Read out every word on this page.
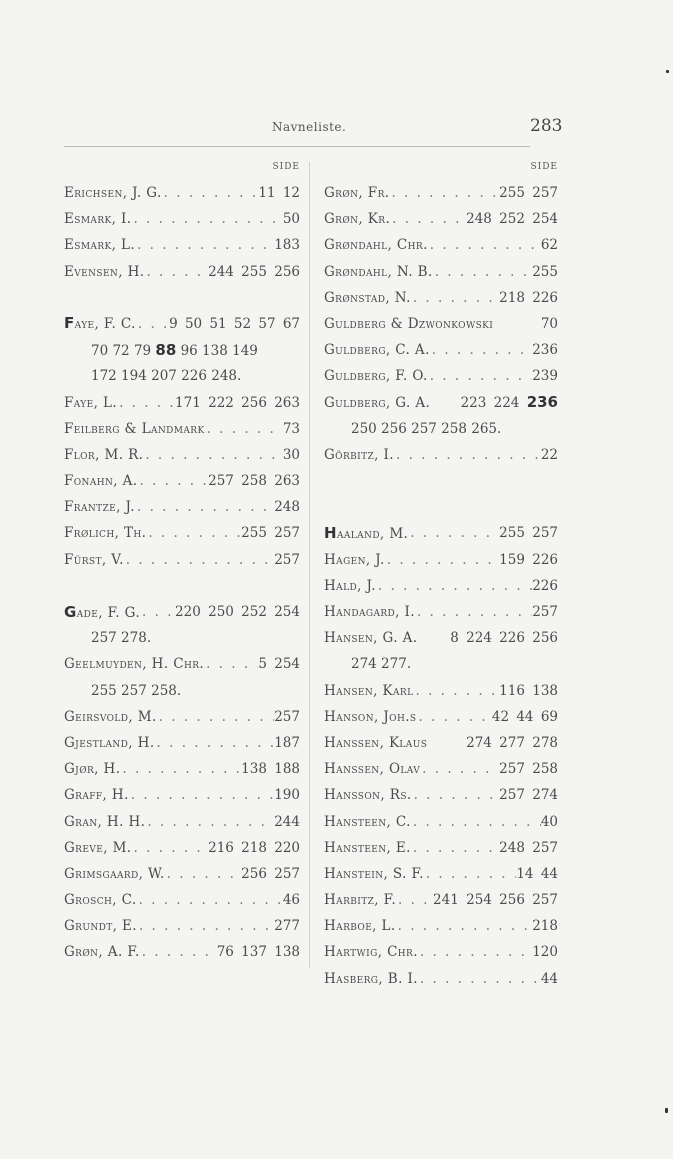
Navneliste.	283
SIDE
Erichsen, J. G. . . .	11 12
Esmark, I. . . .	50
Esmark, L. . . .	183
Evensen, H. . . .	244 255 256
Faye, F. C. . . . 9 50 51 52 57 67
70 72 79 88 96 138 149
172 194 207 226 248.
Faye, L. . . .	171 222 256 263
Feilberg & Landmark . . .	73
Flor, M. R. . . .	30
Fonahn, A. . . .	257 258 263
Frantze, J. . . .	248
Frølich, Th. . . .	255 257
Fürst, V. . . .	257
Gade, F. G. . . .	220 250 252 254
257 278.
Geelmuyden, H. Chr. . . .	5 254
255 257 258.
Geirsvold, M. . . .	257
Gjestland, H. . . .	187
Gjør, H. . . .	138 188
Graff, H. . . .	190
Gran, H. H. . . .	244
Greve, M. . . .	216 218 220
Grimsgaard, W. . . .	256 257
Grosch, C. . . .	46
Grundt, E. . . .	277
Grøn, A. F. . . .	76 137 138
SIDE
Grøn, Fr. . . .	255 257
Grøn, Kr. . . .	248 252 254
Grøndahl, Chr. . . .	62
Grøndahl, N. B. . . .	255
Grønstad, N. . . .	218 226
Guldberg & Dzwonkowski	70
Guldberg, C. A. . . .	236
Guldberg, F. O. . . .	239
Guldberg, G. A. 223 224 236
250 256 257 258 265.
Görbitz, I. . . .	22
Haaland, M. . . .	255 257
Hagen, J. . . .	159 226
Hald, J. . . .	226
Handagard, I. . . .	257
Hansen, G. A. 8 224 226 256
274 277.
Hansen, Karl . . .	116 138
Hanson, Joh.s . . .	42 44 69
Hanssen, Klaus	274 277 278
Hanssen, Olav . . .	257 258
Hansson, Rs. . . .	257 274
Hansteen, C. . . .	40
Hansteen, E. . . .	248 257
Hanstein, S. F. . . .	14 44
Harbitz, F. . . .	241 254 256 257
Harboe, L. . . .	218
Hartwig, Chr. . . .	120
Hasberg, B. I. . . .	44
